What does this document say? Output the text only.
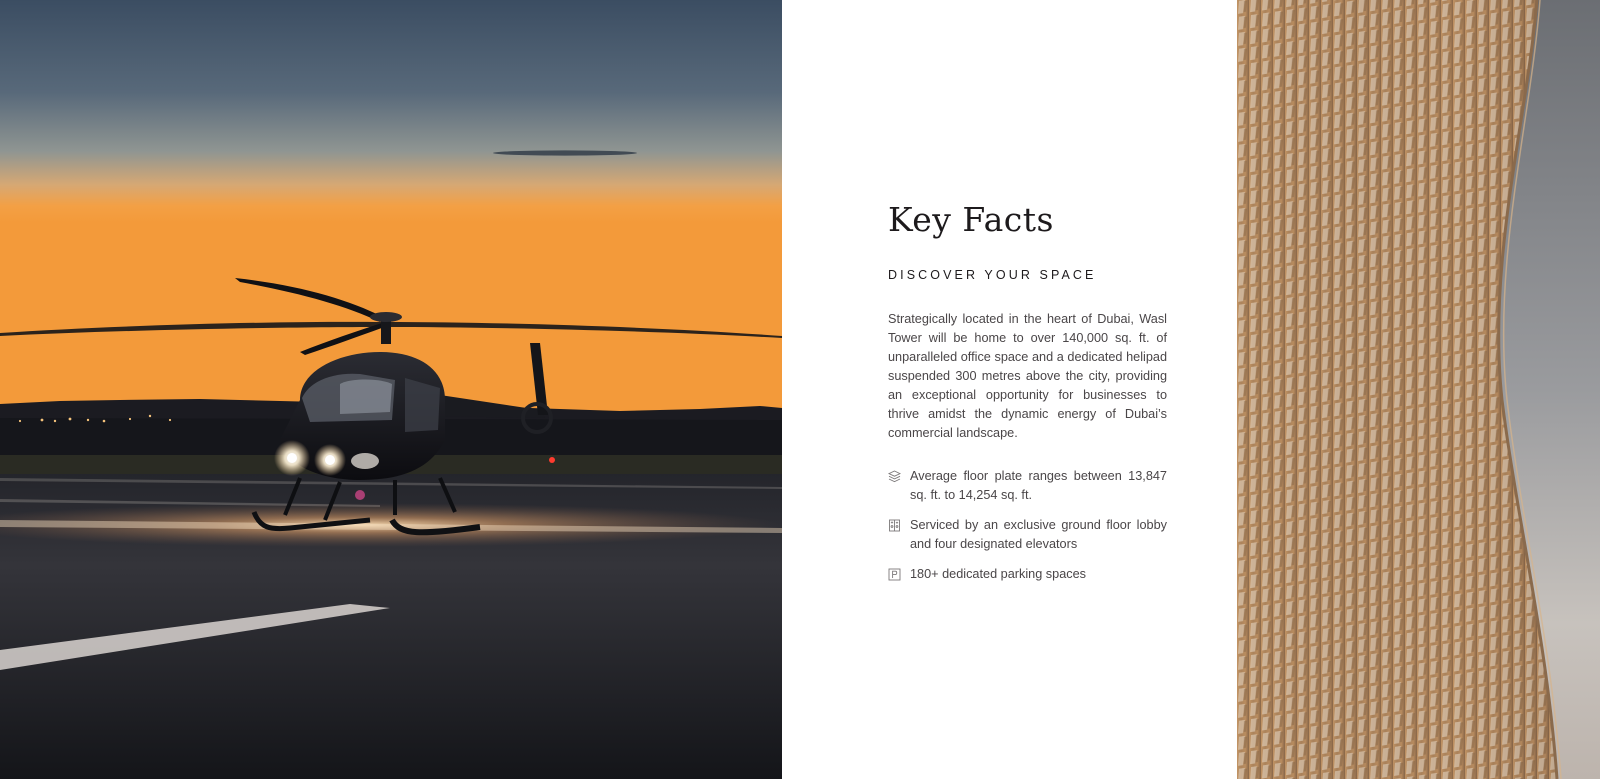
Key Facts
DISCOVER YOUR SPACE

Strategically located in the heart of Dubai, Wasl Tower will be home to over 140,000 sq. ft. of unparalleled office space and a dedicated helipad suspended 300 metres above the city, providing an exceptional opportunity for businesses to thrive amidst the dynamic energy of Dubai’s commercial landscape.

Average floor plate ranges between 13,847 sq. ft. to 14,254 sq. ft.
Serviced by an exclusive ground floor lobby and four designated elevators
180+ dedicated parking spaces
